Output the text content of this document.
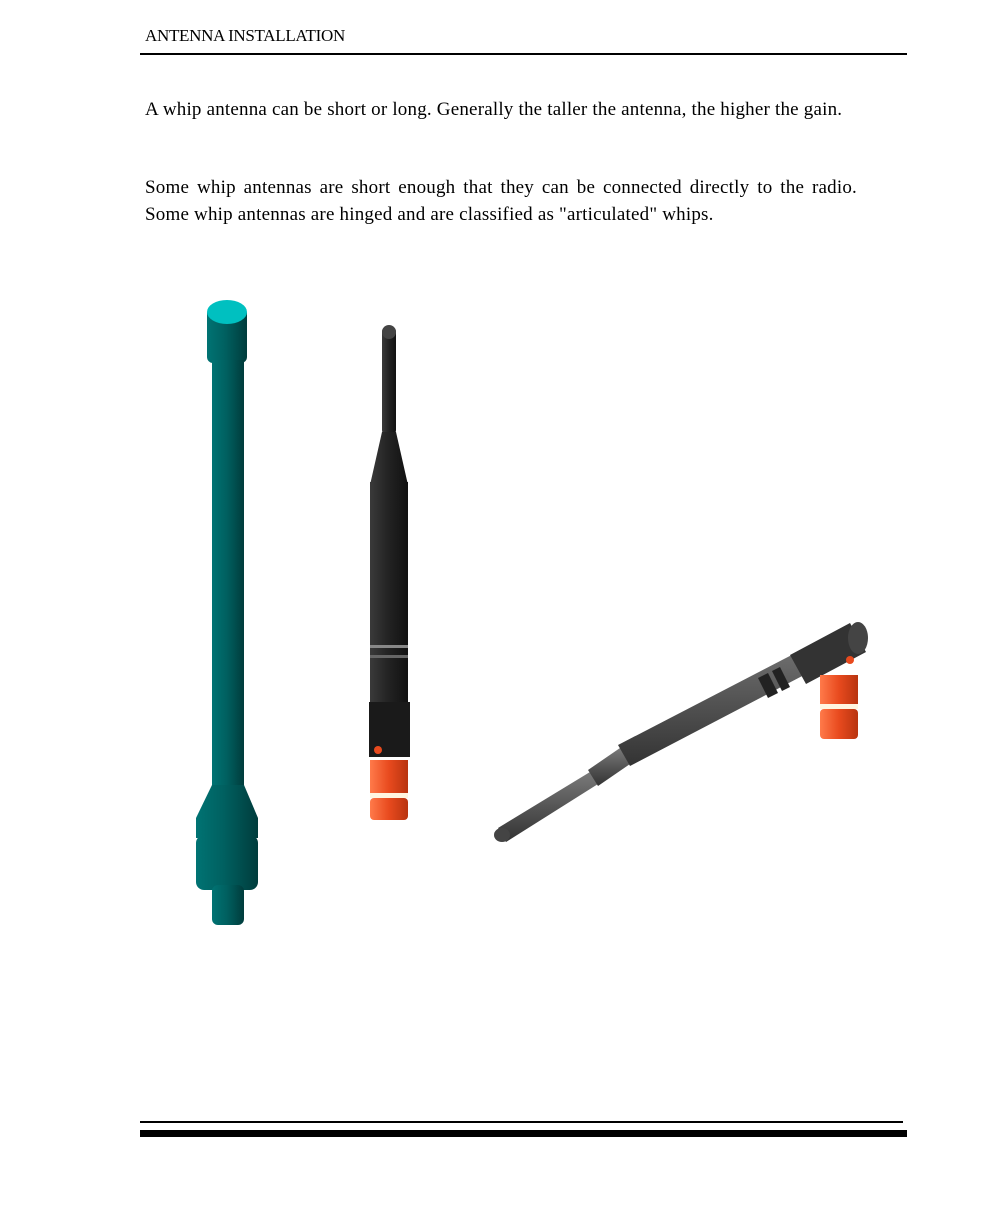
ANTENNA INSTALLATION

A whip antenna can be short or long. Generally the taller the antenna, the higher the gain.

Some whip antennas are short enough that they can be connected directly to the radio. Some whip antennas are hinged and are classified as "articulated" whips.
